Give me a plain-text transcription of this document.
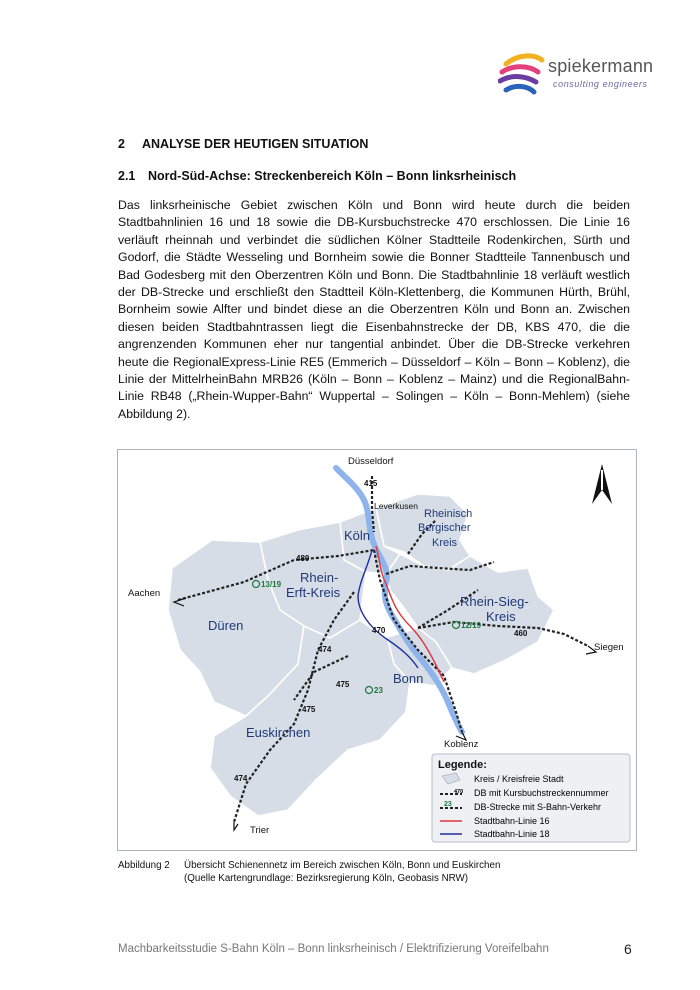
spiekermann
consulting engineers
2 ANALYSE DER HEUTIGEN SITUATION
2.1 Nord-Süd-Achse: Streckenbereich Köln – Bonn linksrheinisch
Das linksrheinische Gebiet zwischen Köln und Bonn wird heute durch die beiden Stadtbahnlinien 16 und 18 sowie die DB-Kursbuchstrecke 470 erschlossen. Die Linie 16 verläuft rheinnah und verbindet die südlichen Kölner Stadtteile Rodenkirchen, Sürth und Godorf, die Städte Wesseling und Bornheim sowie die Bonner Stadtteile Tannenbusch und Bad Godesberg mit den Oberzentren Köln und Bonn. Die Stadtbahnlinie 18 verläuft westlich der DB-Strecke und erschließt den Stadtteil Köln-Klettenberg, die Kommunen Hürth, Brühl, Bornheim sowie Alfter und bindet diese an die Oberzentren Köln und Bonn an. Zwischen diesen beiden Stadtbahntrassen liegt die Eisenbahnstrecke der DB, KBS 470, die die angrenzenden Kommunen eher nur tangential anbindet. Über die DB-Strecke verkehren heute die RegionalExpress-Linie RE5 (Emmerich – Düsseldorf – Köln – Bonn – Koblenz), die Linie der MittelrheinBahn MRB26 (Köln – Bonn – Koblenz – Mainz) und die RegionalBahn-Linie RB48 („Rhein-Wupper-Bahn“ Wuppertal – Solingen – Köln – Bonn-Mehlem) (siehe Abbildung 2).
415
480
470
474
475
475
460
474
13/19
12/19
23
Düsseldorf
Leverkusen
Aachen
Siegen
Koblenz
Trier
Köln
Bonn
Rheinisch
Bergischer
Kreis
Rhein-
Erft-Kreis
Rhein-Sieg-
Kreis
Düren
Euskirchen
Legende:
Kreis / Kreisfreie Stadt
470 DB mit Kursbuchstreckennummer
23 DB-Strecke mit S-Bahn-Verkehr
Stadtbahn-Linie 16
Stadtbahn-Linie 18
Abbildung 2 Übersicht Schienennetz im Bereich zwischen Köln, Bonn und Euskirchen
(Quelle Kartengrundlage: Bezirksregierung Köln, Geobasis NRW)
Machbarkeitsstudie S-Bahn Köln – Bonn linksrheinisch / Elektrifizierung Voreifelbahn	6
